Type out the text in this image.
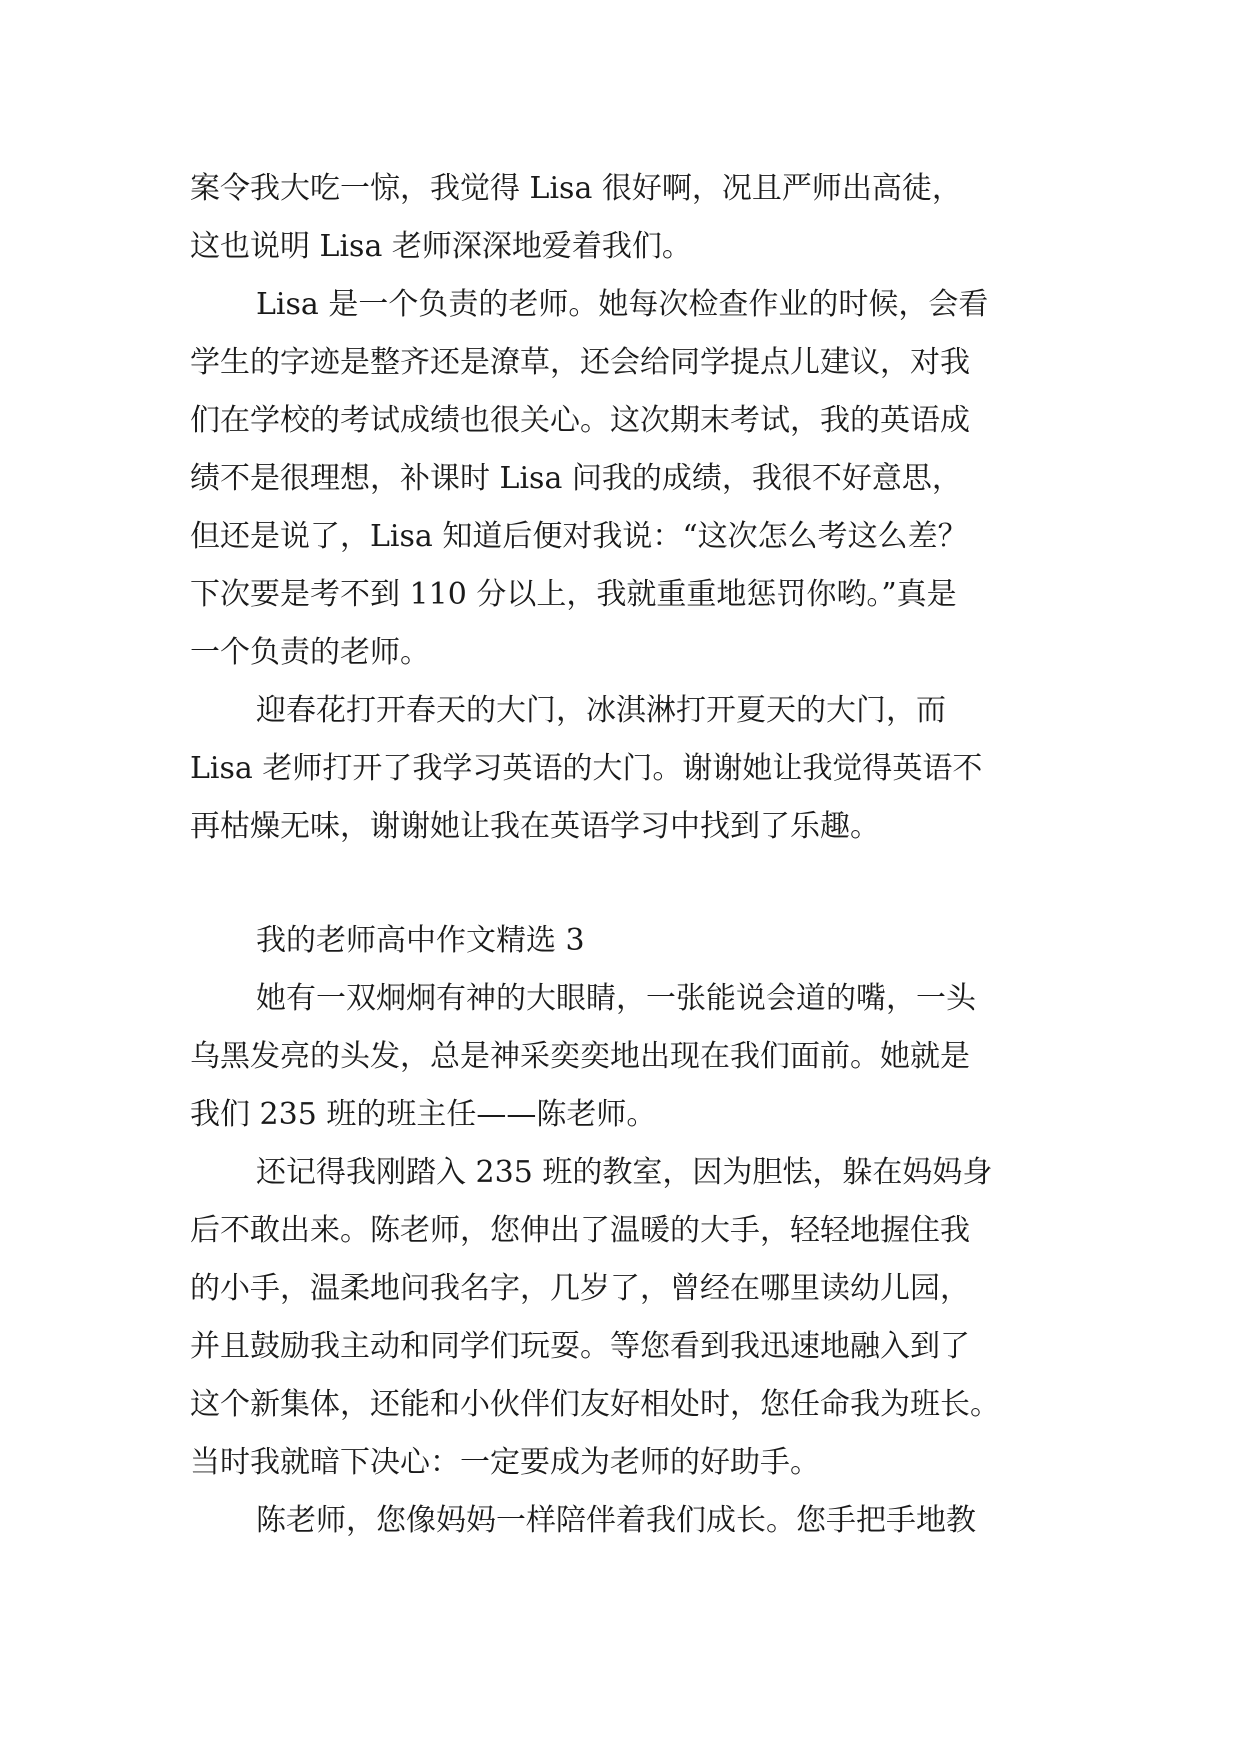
案令我大吃一惊，我觉得 Lisa 很好啊，况且严师出高徒，
这也说明 Lisa 老师深深地爱着我们。
Lisa 是一个负责的老师。她每次检查作业的时候，会看
学生的字迹是整齐还是潦草，还会给同学提点儿建议，对我
们在学校的考试成绩也很关心。这次期末考试，我的英语成
绩不是很理想，补课时 Lisa 问我的成绩，我很不好意思，
但还是说了，Lisa 知道后便对我说：“这次怎么考这么差？
下次要是考不到 110 分以上，我就重重地惩罚你哟。”真是
一个负责的老师。
迎春花打开春天的大门，冰淇淋打开夏天的大门，而
Lisa 老师打开了我学习英语的大门。谢谢她让我觉得英语不
再枯燥无味，谢谢她让我在英语学习中找到了乐趣。
我的老师高中作文精选 3
她有一双炯炯有神的大眼睛，一张能说会道的嘴，一头
乌黑发亮的头发，总是神采奕奕地出现在我们面前。她就是
我们 235 班的班主任——陈老师。
还记得我刚踏入 235 班的教室，因为胆怯，躲在妈妈身
后不敢出来。陈老师，您伸出了温暖的大手，轻轻地握住我
的小手，温柔地问我名字，几岁了，曾经在哪里读幼儿园，
并且鼓励我主动和同学们玩耍。等您看到我迅速地融入到了
这个新集体，还能和小伙伴们友好相处时，您任命我为班长。
当时我就暗下决心：一定要成为老师的好助手。
陈老师，您像妈妈一样陪伴着我们成长。您手把手地教
